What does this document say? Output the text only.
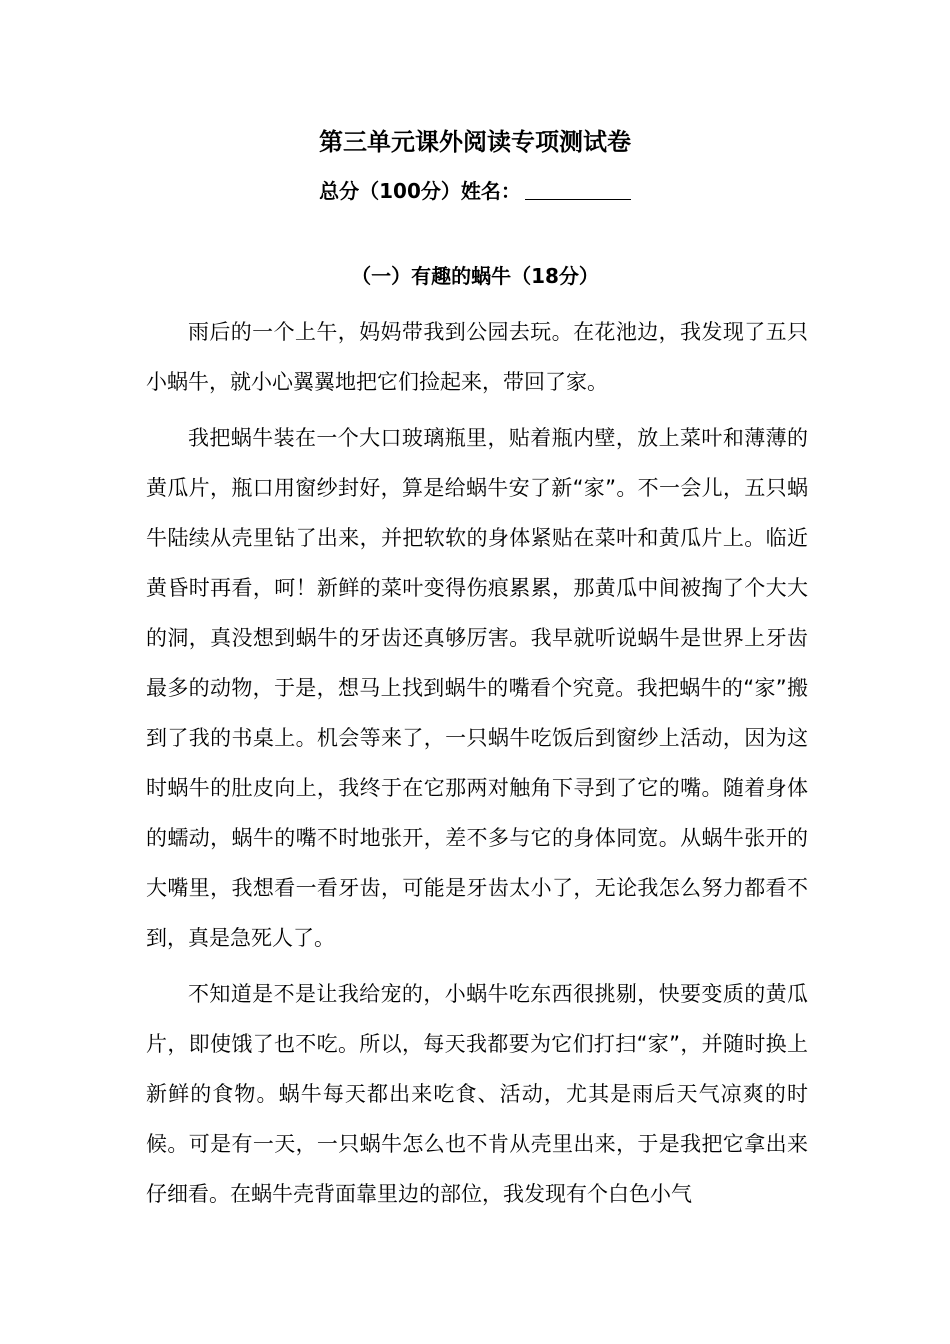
第三单元课外阅读专项测试卷
总分（100分）姓名：
（一）有趣的蜗牛（18分）

雨后的一个上午，妈妈带我到公园去玩。在花池边，我发现了五只小蜗牛，就小心翼翼地把它们捡起来，带回了家。

我把蜗牛装在一个大口玻璃瓶里，贴着瓶内壁，放上菜叶和薄薄的黄瓜片，瓶口用窗纱封好，算是给蜗牛安了新“家”。不一会儿，五只蜗牛陆续从壳里钻了出来，并把软软的身体紧贴在菜叶和黄瓜片上。临近黄昏时再看，呵！新鲜的菜叶变得伤痕累累，那黄瓜中间被掏了个大大的洞，真没想到蜗牛的牙齿还真够厉害。我早就听说蜗牛是世界上牙齿最多的动物，于是，想马上找到蜗牛的嘴看个究竟。我把蜗牛的“家”搬到了我的书桌上。机会等来了，一只蜗牛吃饭后到窗纱上活动，因为这时蜗牛的肚皮向上，我终于在它那两对触角下寻到了它的嘴。随着身体的蠕动，蜗牛的嘴不时地张开，差不多与它的身体同宽。从蜗牛张开的大嘴里，我想看一看牙齿，可能是牙齿太小了，无论我怎么努力都看不到，真是急死人了。

不知道是不是让我给宠的，小蜗牛吃东西很挑剔，快要变质的黄瓜片，即使饿了也不吃。所以，每天我都要为它们打扫“家”，并随时换上新鲜的食物。蜗牛每天都出来吃食、活动，尤其是雨后天气凉爽的时候。可是有一天，一只蜗牛怎么也不肯从壳里出来，于是我把它拿出来仔细看。在蜗牛壳背面靠里边的部位，我发现有个白色小气
